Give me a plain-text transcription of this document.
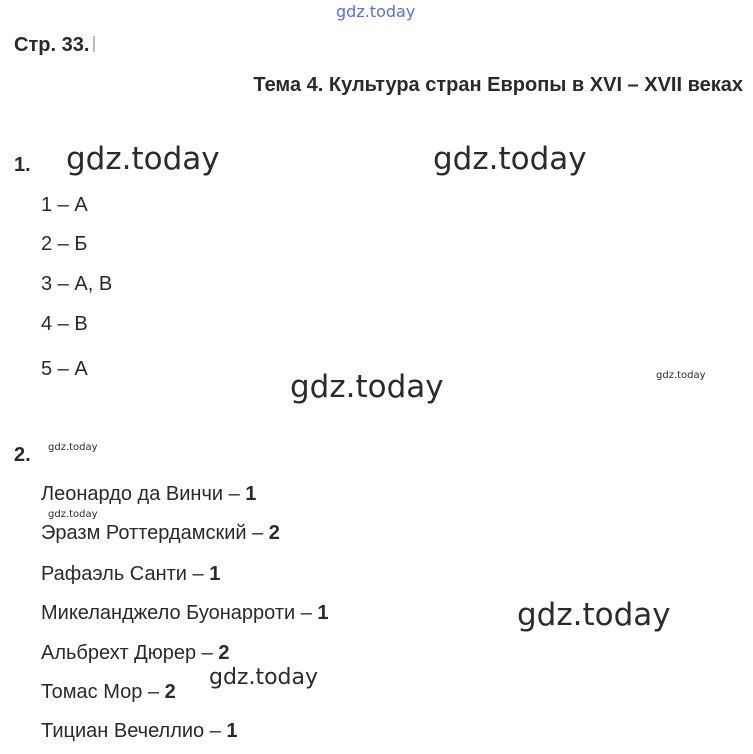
gdz.today
gdz.today	gdz.today
gdz.today	gdz.today
gdz.today
gdz.today
gdz.today
gdz.today
Стр. 33.
Тема 4. Культура стран Европы в XVI – XVII веках
1.
1 – А
2 – Б
3 – А, В
4 – В
5 – А
2.
Леонардо да Винчи – 1
Эразм Роттердамский – 2
Рафаэль Санти – 1
Микеланджело Буонарроти – 1
Альбрехт Дюрер – 2
Томас Мор – 2
Тициан Вечеллио – 1
